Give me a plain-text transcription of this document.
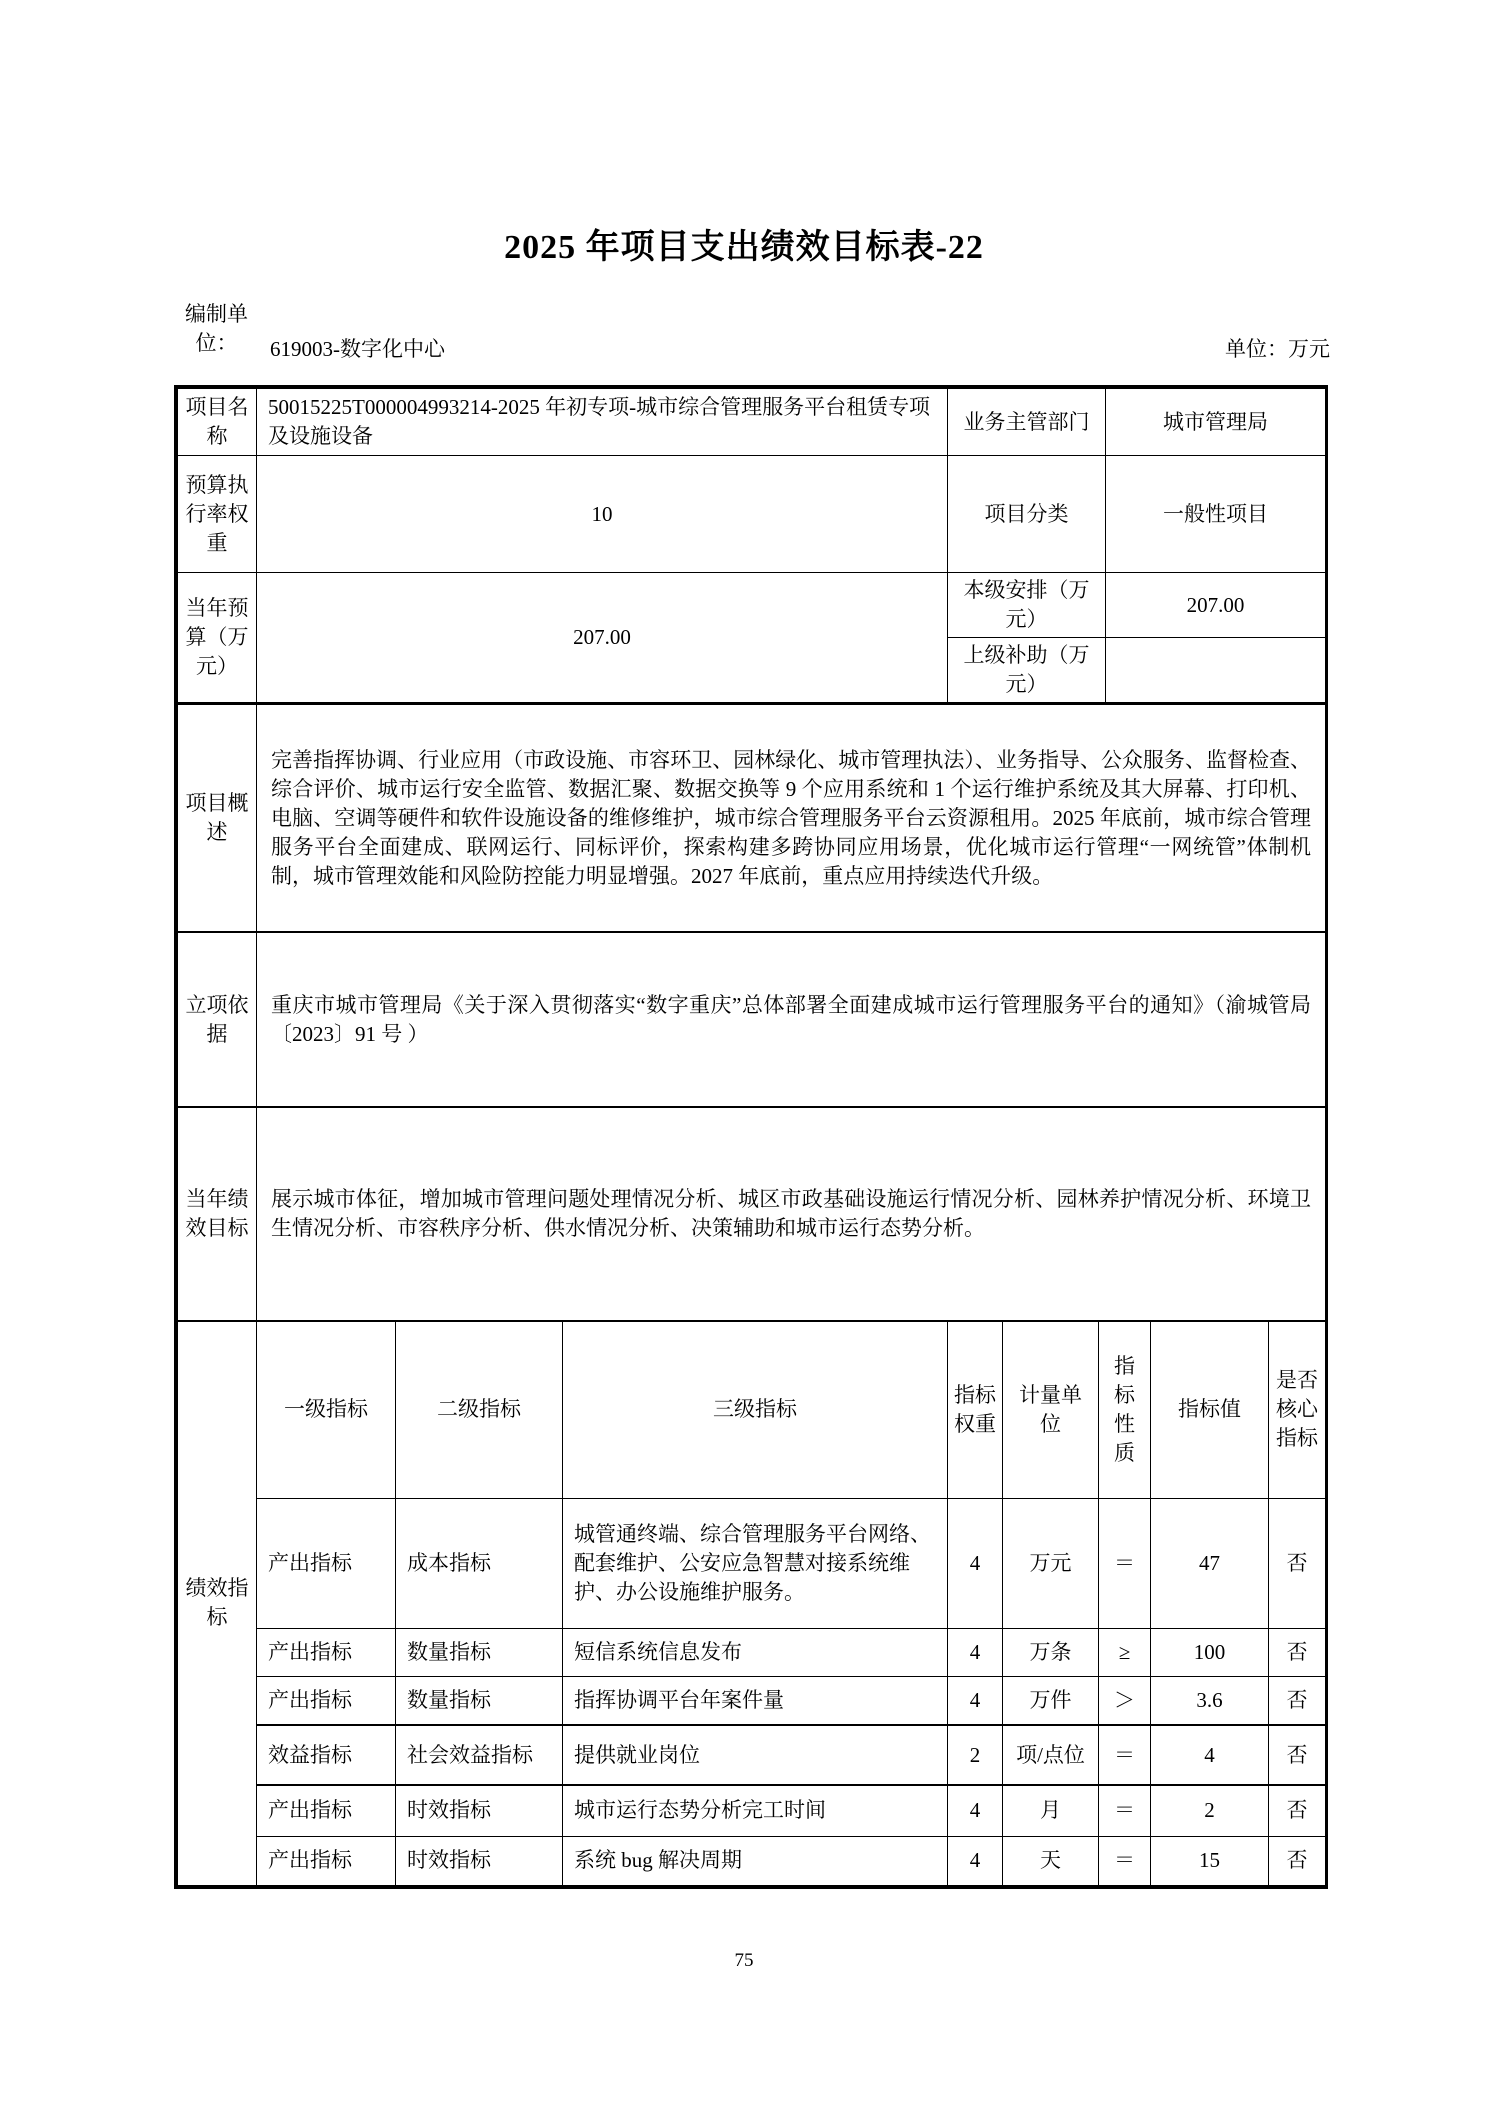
2025 年项目支出绩效目标表-22
编制单位：	619003-数字化中心	单位：万元
项目名称	50015225T000004993214-2025 年初专项-城市综合管理服务平台租赁专项及设施设备	业务主管部门	城市管理局
预算执行率权重	10	项目分类	一般性项目
当年预算（万元）	207.00	本级安排（万元）	207.00
		上级补助（万元）	
项目概述	完善指挥协调、行业应用（市政设施、市容环卫、园林绿化、城市管理执法）、业务指导、公众服务、监督检查、综合评价、城市运行安全监管、数据汇聚、数据交换等 9 个应用系统和 1 个运行维护系统及其大屏幕、打印机、电脑、空调等硬件和软件设施设备的维修维护，城市综合管理服务平台云资源租用。2025 年底前，城市综合管理服务平台全面建成、联网运行、同标评价，探索构建多跨协同应用场景，优化城市运行管理“一网统管”体制机制，城市管理效能和风险防控能力明显增强。2027 年底前，重点应用持续迭代升级。
立项依据	重庆市城市管理局《关于深入贯彻落实“数字重庆”总体部署全面建成城市运行管理服务平台的通知》（渝城管局〔2023〕91 号 ）
当年绩效目标	展示城市体征，增加城市管理问题处理情况分析、城区市政基础设施运行情况分析、园林养护情况分析、环境卫生情况分析、市容秩序分析、供水情况分析、决策辅助和城市运行态势分析。
绩效指标	一级指标	二级指标	三级指标	指标权重	计量单位	指标性质	指标值	是否核心指标
	产出指标	成本指标	城管通终端、综合管理服务平台网络、配套维护、公安应急智慧对接系统维护、办公设施维护服务。	4	万元	＝	47	否
	产出指标	数量指标	短信系统信息发布	4	万条	≥	100	否
	产出指标	数量指标	指挥协调平台年案件量	4	万件	＞	3.6	否
	效益指标	社会效益指标	提供就业岗位	2	项/点位	＝	4	否
	产出指标	时效指标	城市运行态势分析完工时间	4	月	＝	2	否
	产出指标	时效指标	系统 bug 解决周期	4	天	＝	15	否
75
